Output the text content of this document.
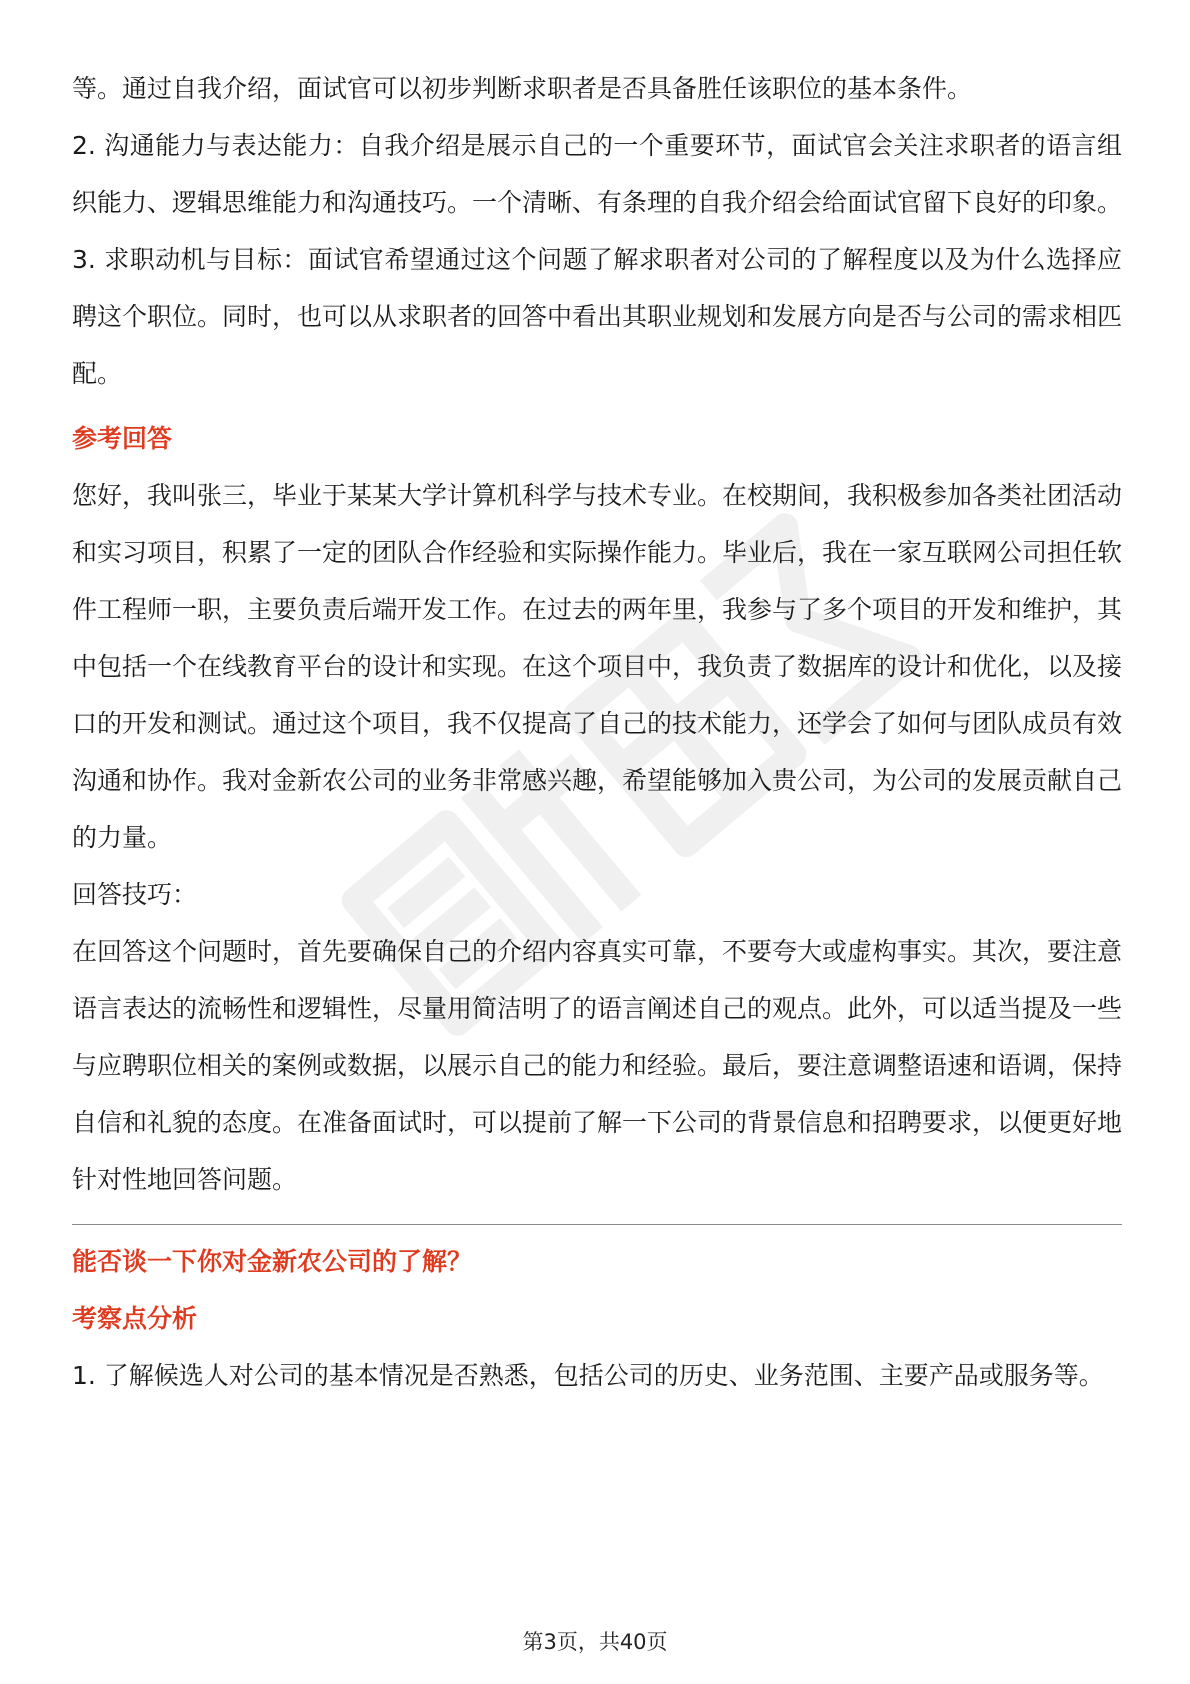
等。通过自我介绍，面试官可以初步判断求职者是否具备胜任该职位的基本条件。

2. 沟通能力与表达能力：自我介绍是展示自己的一个重要环节，面试官会关注求职者的语言组织能力、逻辑思维能力和沟通技巧。一个清晰、有条理的自我介绍会给面试官留下良好的印象。

3. 求职动机与目标：面试官希望通过这个问题了解求职者对公司的了解程度以及为什么选择应聘这个职位。同时，也可以从求职者的回答中看出其职业规划和发展方向是否与公司的需求相匹配。

参考回答

您好，我叫张三，毕业于某某大学计算机科学与技术专业。在校期间，我积极参加各类社团活动和实习项目，积累了一定的团队合作经验和实际操作能力。毕业后，我在一家互联网公司担任软件工程师一职，主要负责后端开发工作。在过去的两年里，我参与了多个项目的开发和维护，其中包括一个在线教育平台的设计和实现。在这个项目中，我负责了数据库的设计和优化，以及接口的开发和测试。通过这个项目，我不仅提高了自己的技术能力，还学会了如何与团队成员有效沟通和协作。我对金新农公司的业务非常感兴趣，希望能够加入贵公司，为公司的发展贡献自己的力量。

回答技巧：

在回答这个问题时，首先要确保自己的介绍内容真实可靠，不要夸大或虚构事实。其次，要注意语言表达的流畅性和逻辑性，尽量用简洁明了的语言阐述自己的观点。此外，可以适当提及一些与应聘职位相关的案例或数据，以展示自己的能力和经验。最后，要注意调整语速和语调，保持自信和礼貌的态度。在准备面试时，可以提前了解一下公司的背景信息和招聘要求，以便更好地针对性地回答问题。

能否谈一下你对金新农公司的了解？
考察点分析

1. 了解候选人对公司的基本情况是否熟悉，包括公司的历史、业务范围、主要产品或服务等。

第3页，共40页
